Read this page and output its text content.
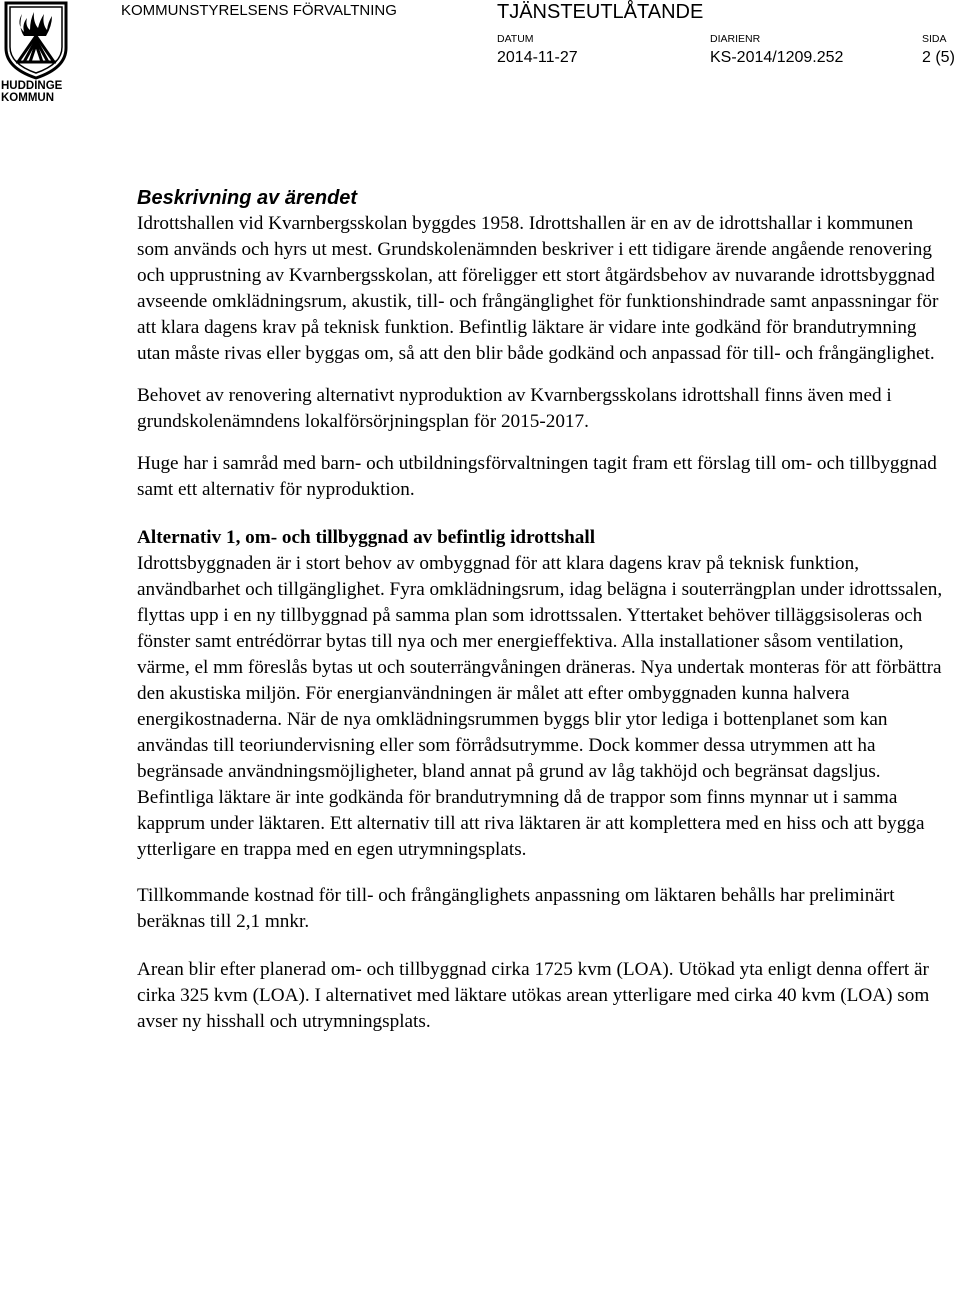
HUDDINGE
KOMMUN
KOMMUNSTYRELSENS FÖRVALTNING	TJÄNSTEUTLÅTANDE
DATUM
2014-11-27
DIARIENR
KS-2014/1209.252
SIDA
2 (5)

Beskrivning av ärendet

Idrottshallen vid Kvarnbergsskolan byggdes 1958. Idrottshallen är en av de idrottshallar i kommunen som används och hyrs ut mest. Grundskolenämnden beskriver i ett tidigare ärende angående renovering och upprustning av Kvarnbergsskolan, att föreligger ett stort åtgärdsbehov av nuvarande idrottsbyggnad avseende omklädningsrum, akustik, till- och frångänglighet för funktionshindrade samt anpassningar för att klara dagens krav på teknisk funktion. Befintlig läktare är vidare inte godkänd för brandutrymning utan måste rivas eller byggas om, så att den blir både godkänd och anpassad för till- och frångänglighet.

Behovet av renovering alternativt nyproduktion av Kvarnbergsskolans idrottshall finns även med i grundskolenämndens lokalförsörjningsplan för 2015-2017.

Huge har i samråd med barn- och utbildningsförvaltningen tagit fram ett förslag till om- och tillbyggnad samt ett alternativ för nyproduktion.

Alternativ 1, om- och tillbyggnad av befintlig idrottshall

Idrottsbyggnaden är i stort behov av ombyggnad för att klara dagens krav på teknisk funktion, användbarhet och tillgänglighet. Fyra omklädningsrum, idag belägna i souterrängplan under idrottssalen, flyttas upp i en ny tillbyggnad på samma plan som idrottssalen. Yttertaket behöver tilläggsisoleras och fönster samt entrédörrar bytas till nya och mer energieffektiva. Alla installationer såsom ventilation, värme, el mm föreslås bytas ut och souterrängvåningen dräneras. Nya undertak monteras för att förbättra den akustiska miljön. För energianvändningen är målet att efter ombyggnaden kunna halvera energikostnaderna. När de nya omklädningsrummen byggs blir ytor lediga i bottenplanet som kan användas till teoriundervisning eller som förrådsutrymme. Dock kommer dessa utrymmen att ha begränsade användningsmöjligheter, bland annat på grund av låg takhöjd och begränsat dagsljus. Befintliga läktare är inte godkända för brandutrymning då de trappor som finns mynnar ut i samma kapprum under läktaren. Ett alternativ till att riva läktaren är att komplettera med en hiss och att bygga ytterligare en trappa med en egen utrymningsplats.

Tillkommande kostnad för till- och frångänglighets anpassning om läktaren behålls har preliminärt beräknas till 2,1 mnkr.

Arean blir efter planerad om- och tillbyggnad cirka 1725 kvm (LOA). Utökad yta enligt denna offert är cirka 325 kvm (LOA). I alternativet med läktare utökas arean ytterligare med cirka 40 kvm (LOA) som avser ny hisshall och utrymningsplats.
